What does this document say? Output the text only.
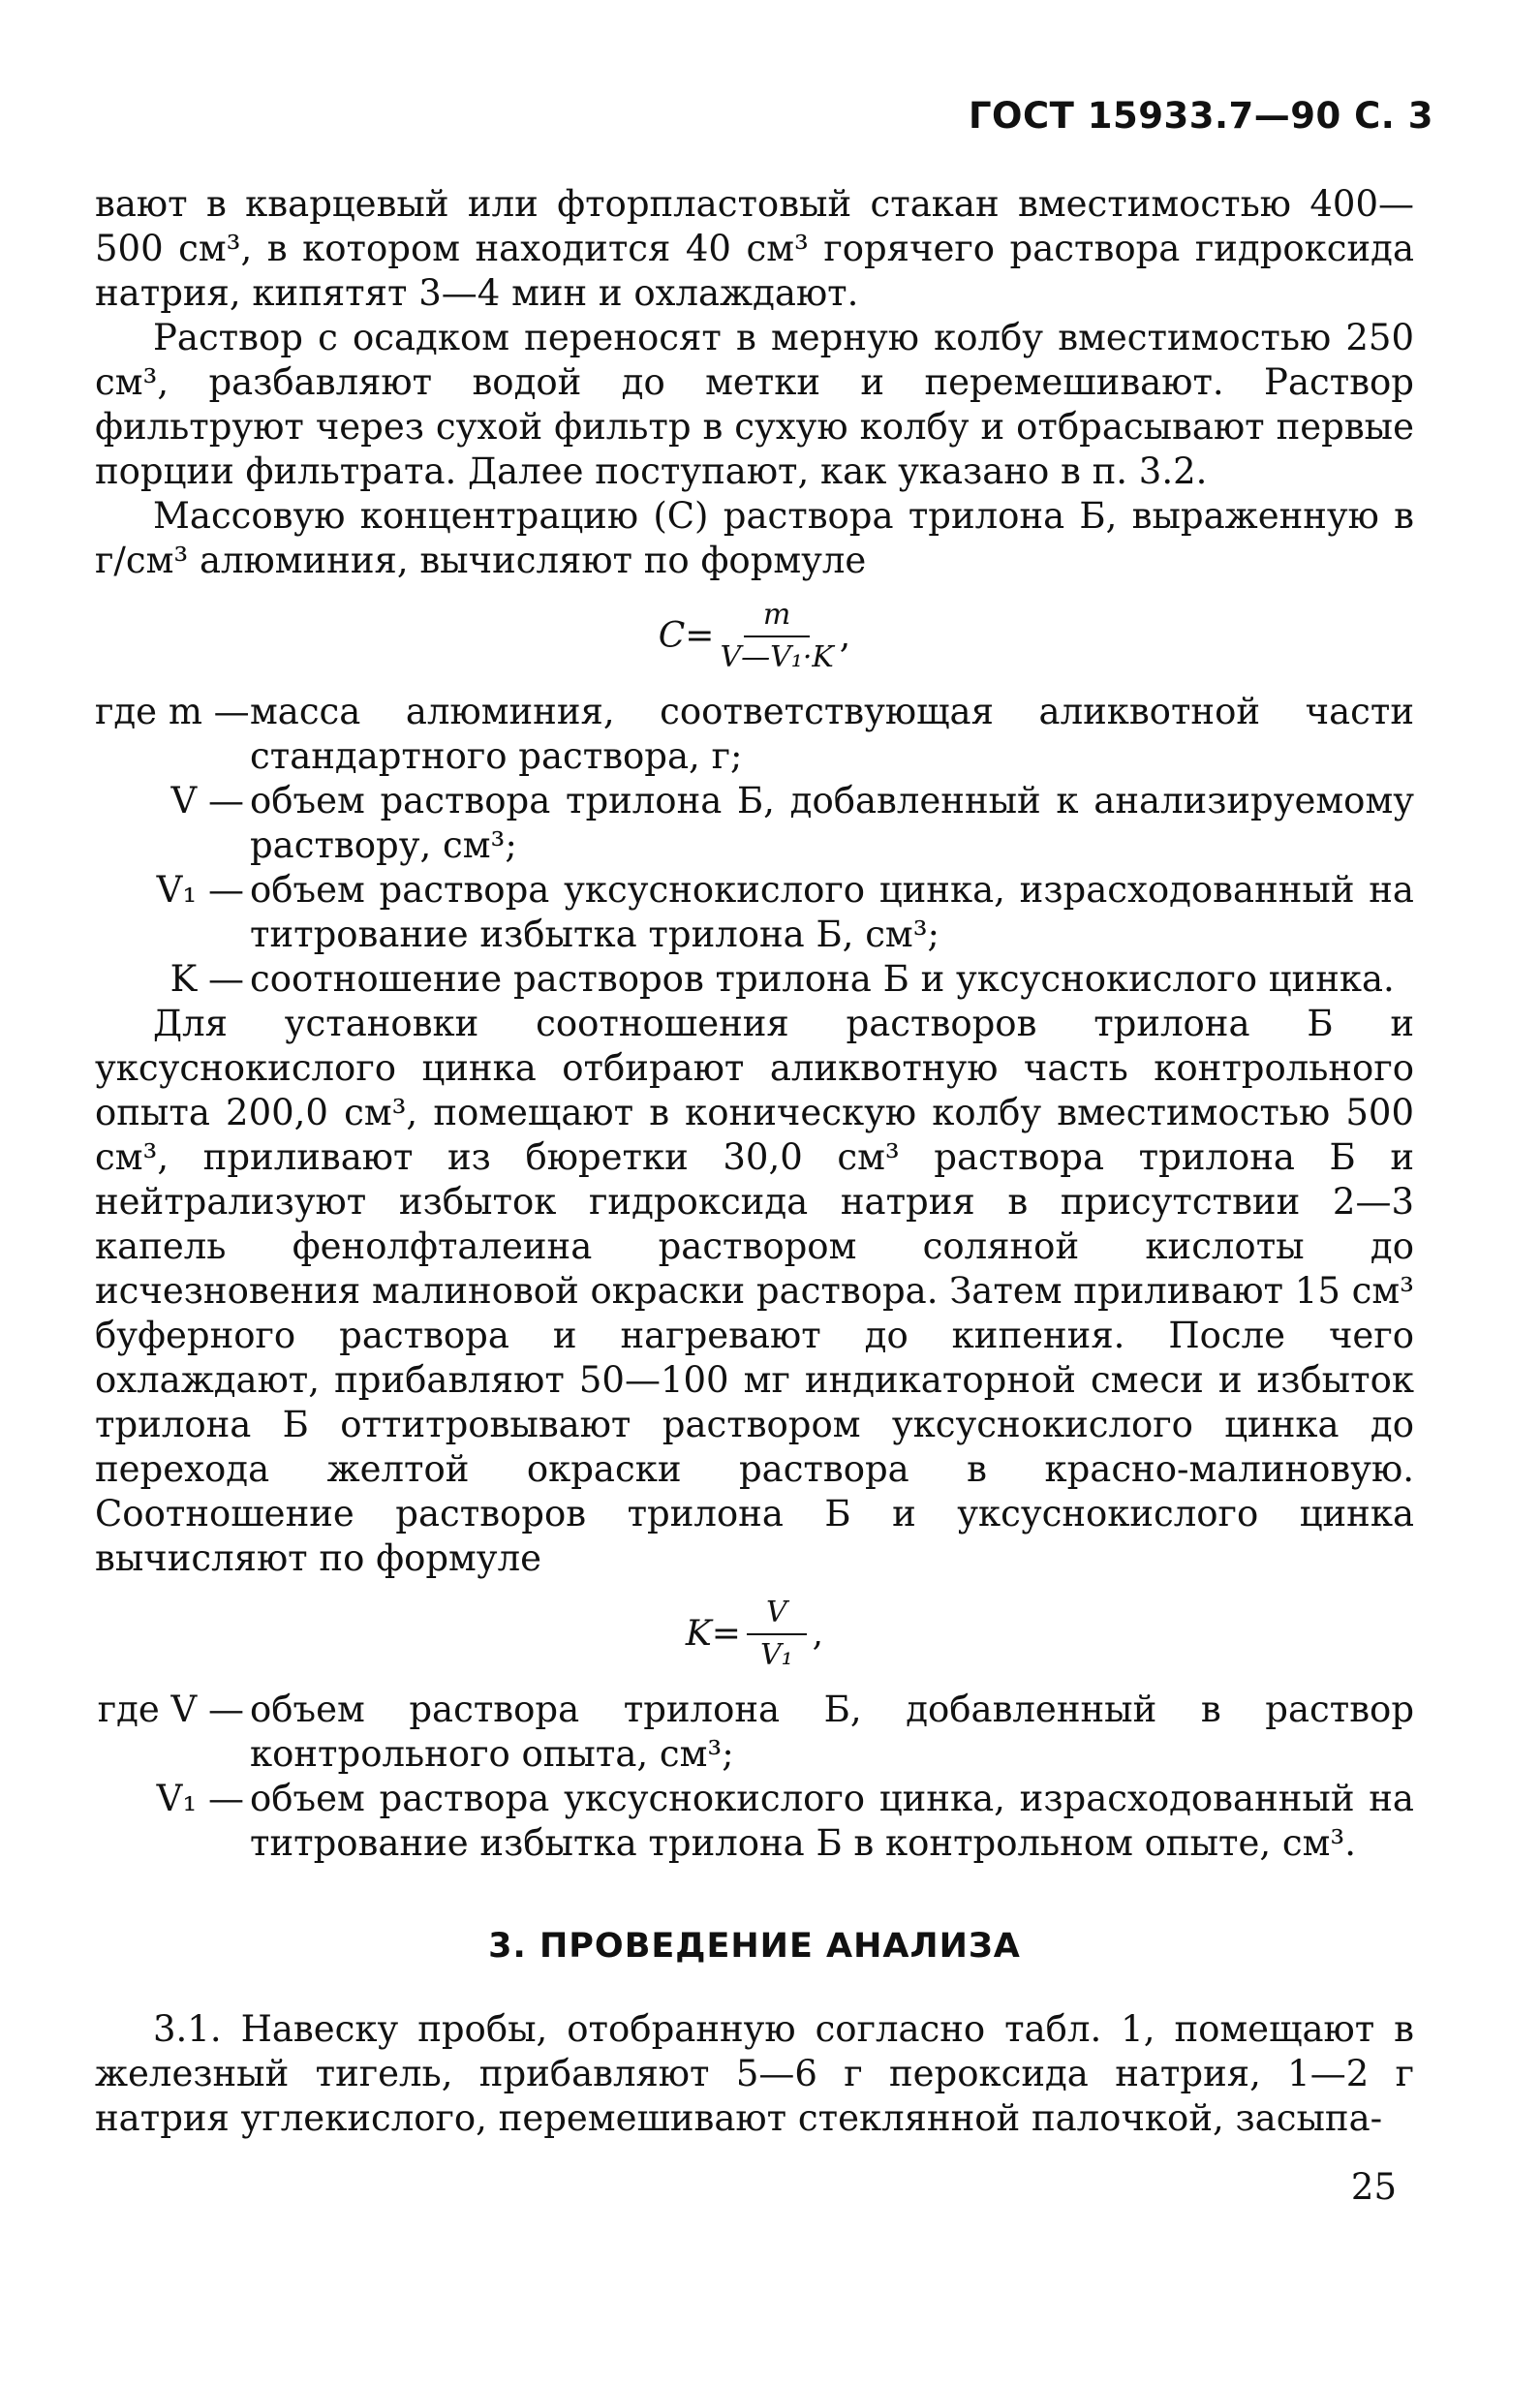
ГОСТ 15933.7—90 С. 3

вают в кварцевый или фторпластовый стакан вместимостью 400—500 см³, в котором находится 40 см³ горячего раствора гидроксида натрия, кипятят 3—4 мин и охлаждают.

Раствор с осадком переносят в мерную колбу вместимостью 250 см³, разбавляют водой до метки и перемешивают. Раствор фильтруют через сухой фильтр в сухую колбу и отбрасывают первые порции фильтрата. Далее поступают, как указано в п. 3.2.

Массовую концентрацию (C) раствора трилона Б, выраженную в г/см³ алюминия, вычисляют по формуле

$C= \frac{m}{\text{V—V₁·K}}$ ,
где m — масса алюминия, соответствующая аликвотной части стандартного раствора, г;
V — объем раствора трилона Б, добавленный к анализируемому раствору, см³;
V₁ — объем раствора уксуснокислого цинка, израсходованный на титрование избытка трилона Б, см³;
K — соотношение растворов трилона Б и уксуснокислого цинка.

Для установки соотношения растворов трилона Б и уксуснокислого цинка отбирают аликвотную часть контрольного опыта 200,0 см³, помещают в коническую колбу вместимостью 500 см³, приливают из бюретки 30,0 см³ раствора трилона Б и нейтрализуют избыток гидроксида натрия в присутствии 2—3 капель фенолфталеина раствором соляной кислоты до исчезновения малиновой окраски раствора. Затем приливают 15 см³ буферного раствора и нагревают до кипения. После чего охлаждают, прибавляют 50—100 мг индикаторной смеси и избыток трилона Б оттитровывают раствором уксуснокислого цинка до перехода желтой окраски раствора в красно-малиновую. Соотношение растворов трилона Б и уксуснокислого цинка вычисляют по формуле

$K= \frac{V}{\text{V₁}}$ ,
где V — объем раствора трилона Б, добавленный в раствор контрольного опыта, см³;
V₁ — объем раствора уксуснокислого цинка, израсходованный на титрование избытка трилона Б в контрольном опыте, см³.
3. ПРОВЕДЕНИЕ АНАЛИЗА

3.1. Навеску пробы, отобранную согласно табл. 1, помещают в железный тигель, прибавляют 5—6 г пероксида натрия, 1—2 г натрия углекислого, перемешивают стеклянной палочкой, засыпа-

25
